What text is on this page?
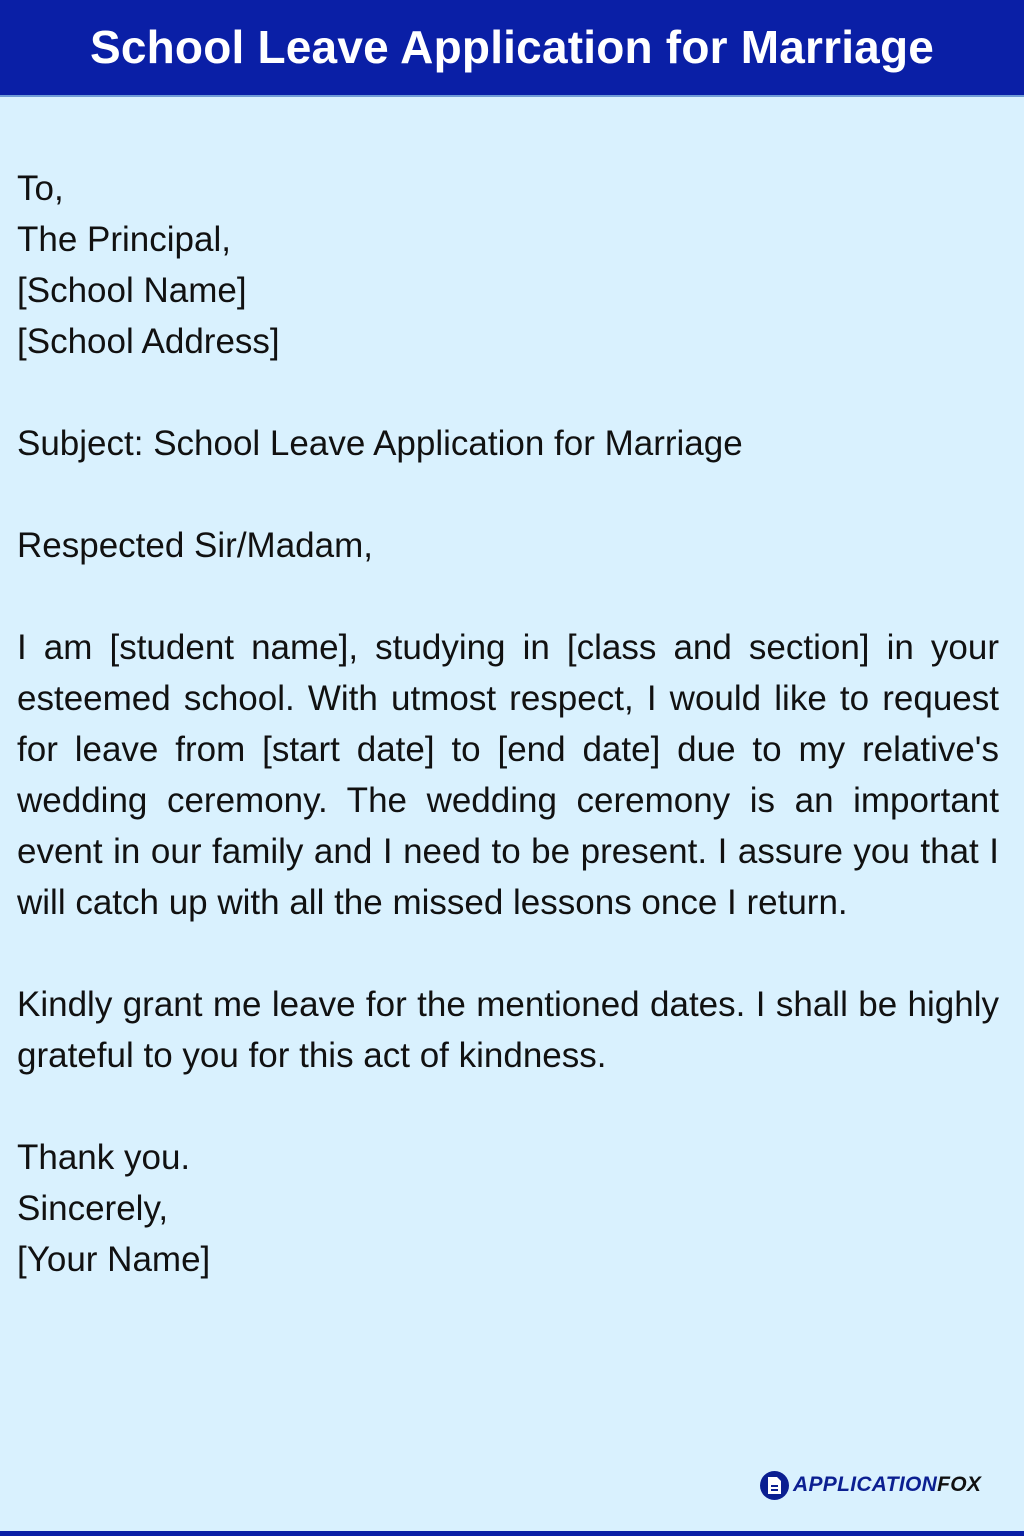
School Leave Application for Marriage
To,
The Principal,
[School Name]
[School Address]
Subject: School Leave Application for Marriage
Respected Sir/Madam,

I am [student name], studying in [class and section] in your esteemed school. With utmost respect, I would like to request for leave from [start date] to [end date] due to my relative's wedding ceremony. The wedding ceremony is an important event in our family and I need to be present. I assure you that I will catch up with all the missed lessons once I return.

Kindly grant me leave for the mentioned dates. I shall be highly grateful to you for this act of kindness.

Thank you.
Sincerely,
[Your Name]
APPLICATIONFOX
